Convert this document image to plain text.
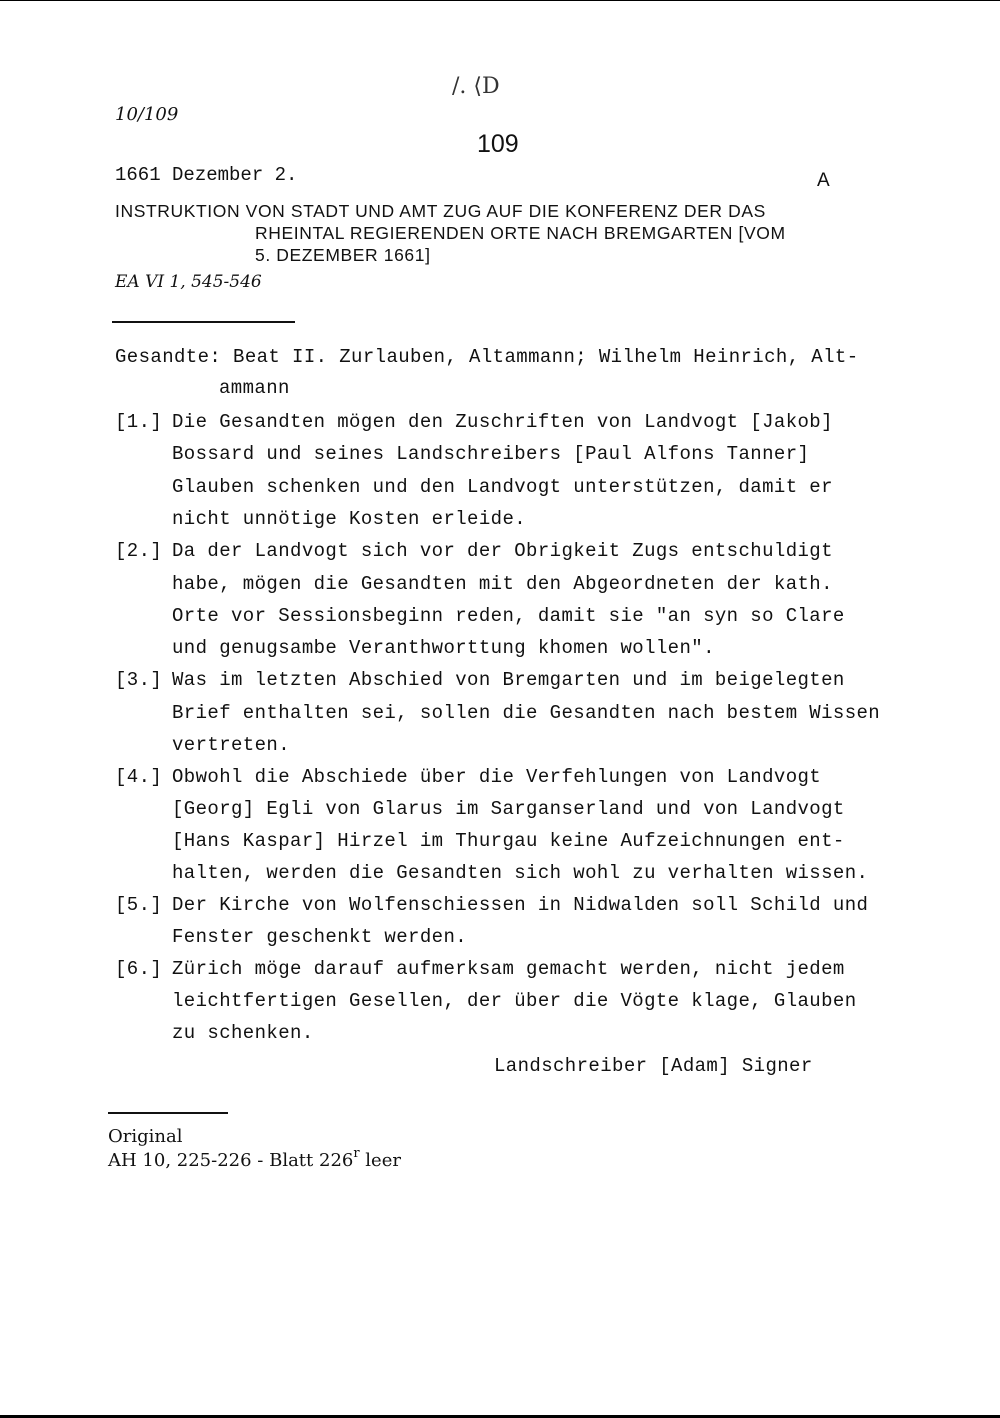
10/109
/. ⟨D
109
1661 Dezember 2.	A
INSTRUKTION VON STADT UND AMT ZUG AUF DIE KONFERENZ DER DAS
RHEINTAL REGIERENDEN ORTE NACH BREMGARTEN [VOM
5. DEZEMBER 1661]
EA VI 1, 545-546
Gesandte: Beat II. Zurlauben, Altammann; Wilhelm Heinrich, Alt-
ammann
[1.] Die Gesandten mögen den Zuschriften von Landvogt [Jakob]
Bossard und seines Landschreibers [Paul Alfons Tanner]
Glauben schenken und den Landvogt unterstützen, damit er
nicht unnötige Kosten erleide.
[2.] Da der Landvogt sich vor der Obrigkeit Zugs entschuldigt
habe, mögen die Gesandten mit den Abgeordneten der kath.
Orte vor Sessionsbeginn reden, damit sie "an syn so Clare
und genugsambe Veranthworttung khomen wollen".
[3.] Was im letzten Abschied von Bremgarten und im beigelegten
Brief enthalten sei, sollen die Gesandten nach bestem Wissen
vertreten.
[4.] Obwohl die Abschiede über die Verfehlungen von Landvogt
[Georg] Egli von Glarus im Sarganserland und von Landvogt
[Hans Kaspar] Hirzel im Thurgau keine Aufzeichnungen ent-
halten, werden die Gesandten sich wohl zu verhalten wissen.
[5.] Der Kirche von Wolfenschiessen in Nidwalden soll Schild und
Fenster geschenkt werden.
[6.] Zürich möge darauf aufmerksam gemacht werden, nicht jedem
leichtfertigen Gesellen, der über die Vögte klage, Glauben
zu schenken.
Landschreiber [Adam] Signer
Original
AH 10, 225-226 - Blatt 226$^r$ leer
